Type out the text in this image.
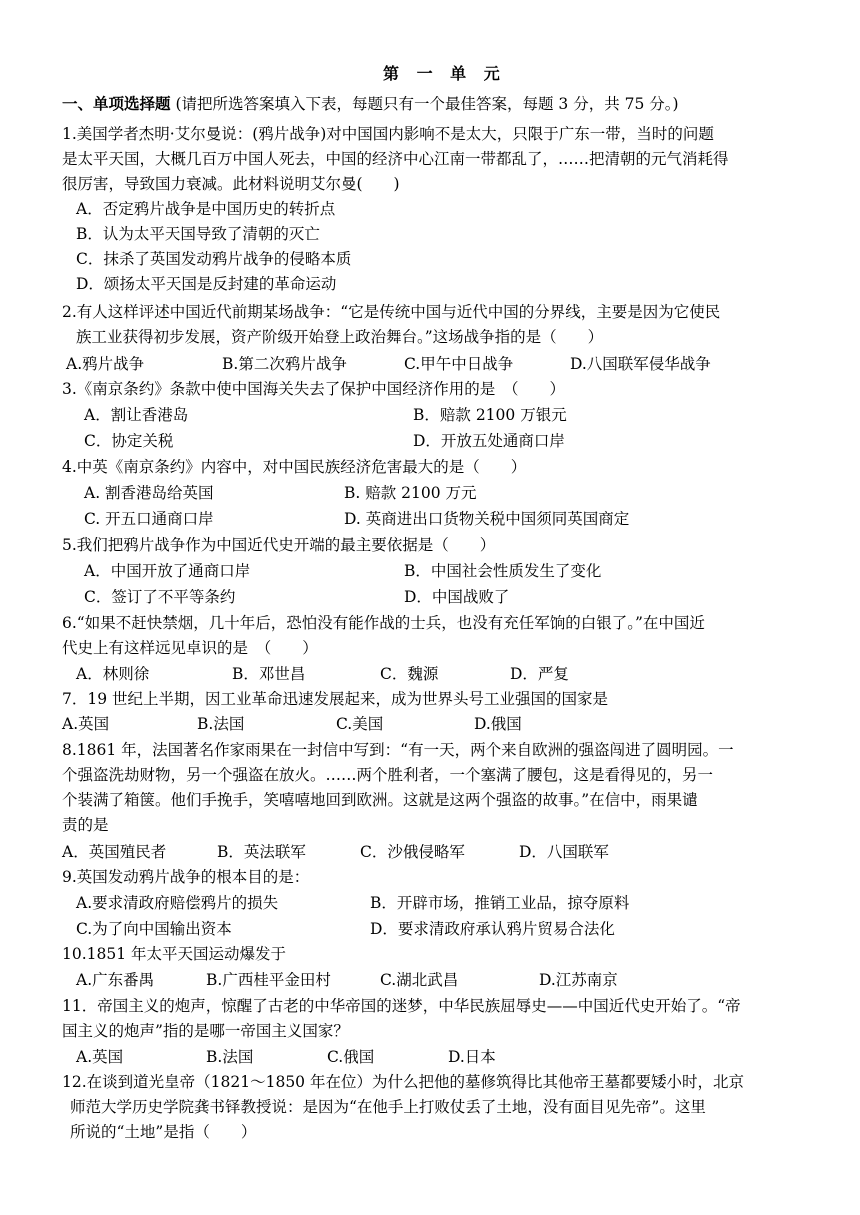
第 一 单 元
一、单项选择题 (请把所选答案填入下表，每题只有一个最佳答案，每题 3 分，共 75 分。)
1.美国学者杰明·艾尔曼说：(鸦片战争)对中国国内影响不是太大，只限于广东一带，当时的问题
是太平天国，大概几百万中国人死去，中国的经济中心江南一带都乱了，……把清朝的元气消耗得
很厉害，导致国力衰减。此材料说明艾尔曼(　　)
A．否定鸦片战争是中国历史的转折点
B．认为太平天国导致了清朝的灭亡
C．抹杀了英国发动鸦片战争的侵略本质
D．颂扬太平天国是反封建的革命运动
2.有人这样评述中国近代前期某场战争：“它是传统中国与近代中国的分界线，主要是因为它使民
族工业获得初步发展，资产阶级开始登上政治舞台。”这场战争指的是（　　）
A.鸦片战争	B.第二次鸦片战争	C.甲午中日战争	D.八国联军侵华战争
3.《南京条约》条款中使中国海关失去了保护中国经济作用的是　（　　）
A．割让香港岛	B．赔款 2100 万银元
C．协定关税	D．开放五处通商口岸
4.中英《南京条约》内容中，对中国民族经济危害最大的是（　　）
A. 割香港岛给英国	B. 赔款 2100 万元
C. 开五口通商口岸	D. 英商进出口货物关税中国须同英国商定
5.我们把鸦片战争作为中国近代史开端的最主要依据是（　　）
A．中国开放了通商口岸	B．中国社会性质发生了变化
C．签订了不平等条约	D．中国战败了
6.“如果不赶快禁烟，几十年后，恐怕没有能作战的士兵，也没有充任军饷的白银了。”在中国近
代史上有这样远见卓识的是　（　　）
A．林则徐	B．邓世昌	C．魏源	D．严复
7．19 世纪上半期，因工业革命迅速发展起来，成为世界头号工业强国的国家是
A.英国	B.法国	C.美国	D.俄国
8.1861 年，法国著名作家雨果在一封信中写到：“有一天，两个来自欧洲的强盗闯进了圆明园。一
个强盗洗劫财物，另一个强盗在放火。……两个胜利者，一个塞满了腰包，这是看得见的，另一
个装满了箱箧。他们手挽手，笑嘻嘻地回到欧洲。这就是这两个强盗的故事。”在信中，雨果谴
责的是
A．英国殖民者	B．英法联军	C．沙俄侵略军	D．八国联军
9.英国发动鸦片战争的根本目的是：
A.要求清政府赔偿鸦片的损失	B．开辟市场，推销工业品，掠夺原料
C.为了向中国输出资本	D．要求清政府承认鸦片贸易合法化
10.1851 年太平天国运动爆发于
A.广东番禺	B.广西桂平金田村	C.湖北武昌	D.江苏南京
11．帝国主义的炮声，惊醒了古老的中华帝国的迷梦，中华民族屈辱史——中国近代史开始了。“帝
国主义的炮声”指的是哪一帝国主义国家？
A.英国	B.法国	C.俄国	D.日本
12.在谈到道光皇帝（1821～1850 年在位）为什么把他的墓修筑得比其他帝王墓都要矮小时，北京
师范大学历史学院龚书铎教授说：是因为“在他手上打败仗丢了土地，没有面目见先帝”。这里
所说的“土地”是指（　　）
